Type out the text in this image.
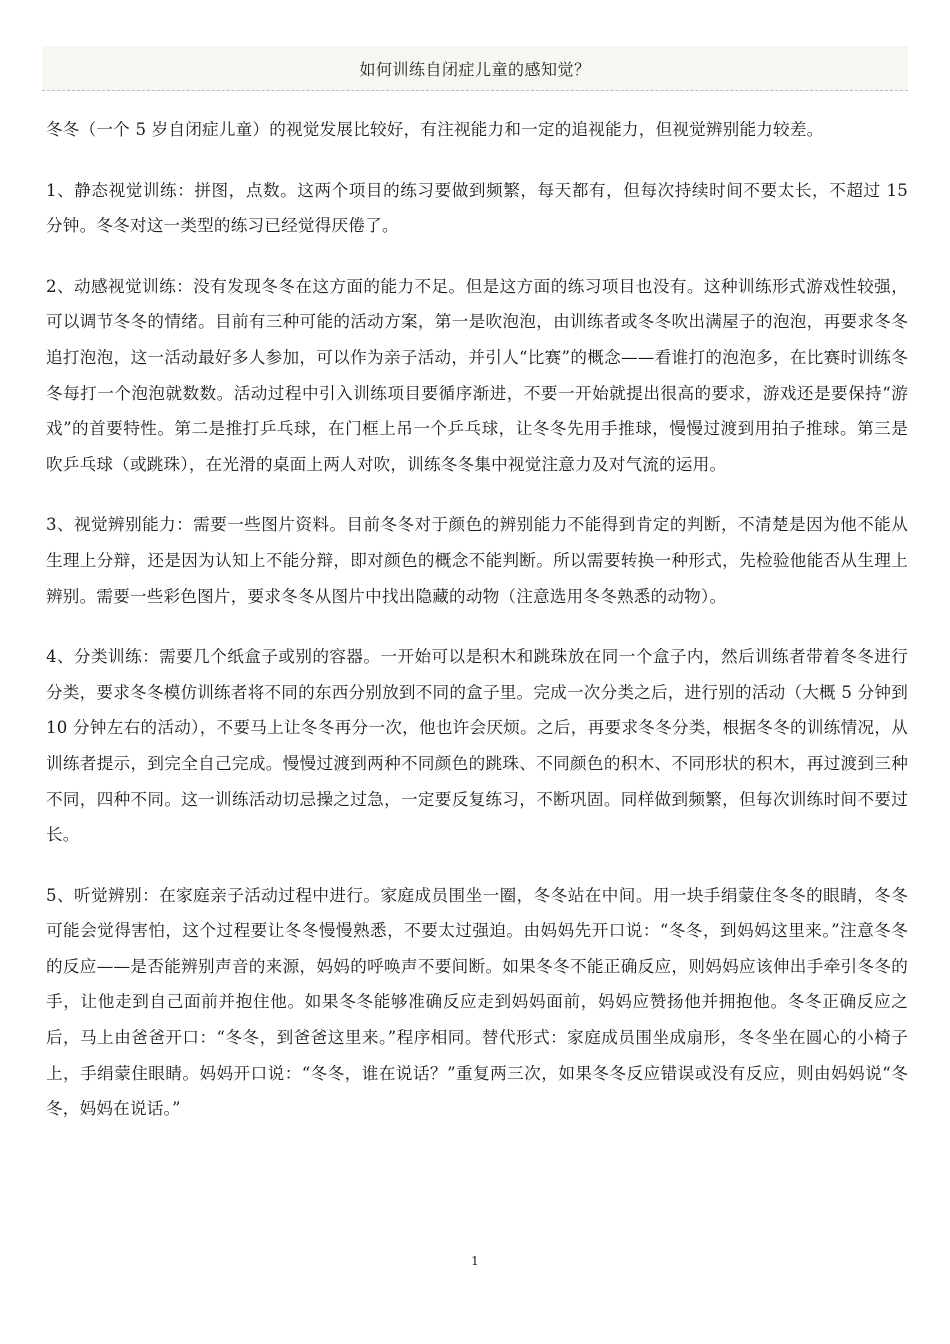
如何训练自闭症儿童的感知觉？

冬冬（一个 5 岁自闭症儿童）的视觉发展比较好，有注视能力和一定的追视能力，但视觉辨别能力较差。

1、静态视觉训练：拼图，点数。这两个项目的练习要做到频繁，每天都有，但每次持续时间不要太长，不超过 15 分钟。冬冬对这一类型的练习已经觉得厌倦了。

2、动感视觉训练：没有发现冬冬在这方面的能力不足。但是这方面的练习项目也没有。这种训练形式游戏性较强，可以调节冬冬的情绪。目前有三种可能的活动方案，第一是吹泡泡，由训练者或冬冬吹出满屋子的泡泡，再要求冬冬追打泡泡，这一活动最好多人参加，可以作为亲子活动，并引人“比赛”的概念——看谁打的泡泡多，在比赛时训练冬冬每打一个泡泡就数数。活动过程中引入训练项目要循序渐进，不要一开始就提出很高的要求，游戏还是要保持“游戏”的首要特性。第二是推打乒乓球，在门框上吊一个乒乓球，让冬冬先用手推球，慢慢过渡到用拍子推球。第三是吹乒乓球（或跳珠），在光滑的桌面上两人对吹，训练冬冬集中视觉注意力及对气流的运用。

3、视觉辨别能力：需要一些图片资料。目前冬冬对于颜色的辨别能力不能得到肯定的判断，不清楚是因为他不能从生理上分辩，还是因为认知上不能分辩，即对颜色的概念不能判断。所以需要转换一种形式，先检验他能否从生理上辨别。需要一些彩色图片，要求冬冬从图片中找出隐藏的动物（注意选用冬冬熟悉的动物）。

4、分类训练：需要几个纸盒子或别的容器。一开始可以是积木和跳珠放在同一个盒子内，然后训练者带着冬冬进行分类，要求冬冬模仿训练者将不同的东西分别放到不同的盒子里。完成一次分类之后，进行别的活动（大概 5 分钟到 10 分钟左右的活动），不要马上让冬冬再分一次，他也许会厌烦。之后，再要求冬冬分类，根据冬冬的训练情况，从训练者提示，到完全自己完成。慢慢过渡到两种不同颜色的跳珠、不同颜色的积木、不同形状的积木，再过渡到三种不同，四种不同。这一训练活动切忌操之过急，一定要反复练习，不断巩固。同样做到频繁，但每次训练时间不要过长。

5、听觉辨别：在家庭亲子活动过程中进行。家庭成员围坐一圈，冬冬站在中间。用一块手绢蒙住冬冬的眼睛，冬冬可能会觉得害怕，这个过程要让冬冬慢慢熟悉，不要太过强迫。由妈妈先开口说：“冬冬，到妈妈这里来。”注意冬冬的反应——是否能辨别声音的来源，妈妈的呼唤声不要间断。如果冬冬不能正确反应，则妈妈应该伸出手牵引冬冬的手，让他走到自己面前并抱住他。如果冬冬能够准确反应走到妈妈面前，妈妈应赞扬他并拥抱他。冬冬正确反应之后，马上由爸爸开口：“冬冬，到爸爸这里来。”程序相同。替代形式：家庭成员围坐成扇形，冬冬坐在圆心的小椅子上，手绢蒙住眼睛。妈妈开口说：“冬冬，谁在说话？”重复两三次，如果冬冬反应错误或没有反应，则由妈妈说“冬冬，妈妈在说话。”

1
